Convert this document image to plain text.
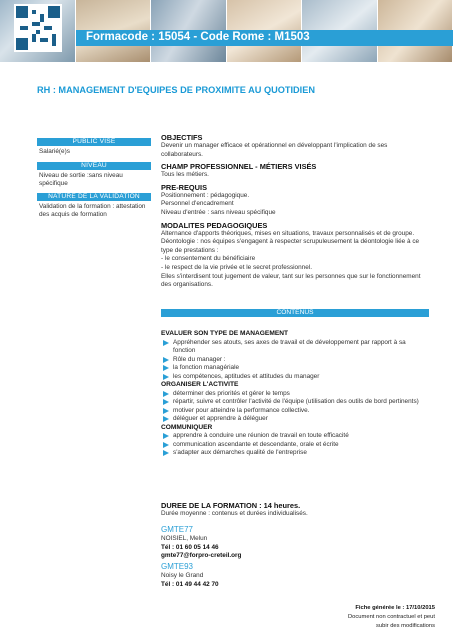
Formacode : 15054 - Code Rome : M1503
RH : MANAGEMENT D'EQUIPES DE PROXIMITE AU QUOTIDIEN
PUBLIC VISÉ
Salarié(e)s
NIVEAU
Niveau de sortie :sans niveau spécifique
NATURE DE LA VALIDATION
Validation de la formation : attestation des acquis de formation
OBJECTIFS
Devenir un manager efficace et opérationnel en développant l'implication de ses collaborateurs.
CHAMP PROFESSIONNEL - MÉTIERS VISÉS
Tous les métiers.
PRE-REQUIS
Positionnement : pédagogique.
Personnel d'encadrement
Niveau d'entrée : sans niveau spécifique
MODALITES PEDAGOGIQUES
Alternance d'apports théoriques, mises en situations, travaux personnalisés et de groupe.
Déontologie : nos équipes s'engagent à respecter scrupuleusement la déontologie liée à ce type de prestations :
- le consentement du bénéficiaire
- le respect de la vie privée et le secret professionnel.
Elles s'interdisent tout jugement de valeur, tant sur les personnes que sur le fonctionnement des organisations.
CONTENUS
EVALUER SON TYPE DE MANAGEMENT
Appréhender ses atouts, ses axes de travail et de développement par rapport à sa fonction
Rôle du manager :
la fonction managériale
les compétences, aptitudes et attitudes du manager
ORGANISER L'ACTIVITE
déterminer des priorités et gérer le temps
répartir, suivre et contrôler l'activité de l'équipe (utilisation des outils de bord pertinents)
motiver pour atteindre la performance collective.
déléguer et apprendre à déléguer
COMMUNIQUER
apprendre à conduire une réunion de travail en toute efficacité
communication ascendante et descendante, orale et écrite
s'adapter aux démarches qualité de l'entreprise
DUREE DE LA FORMATION : 14 heures.
Durée moyenne : contenus et durées individualisés.
GMTE77
NOISIEL, Melun
Tél : 01 60 05 14 46
gmte77@forpro-creteil.org
GMTE93
Noisy le Grand
Tél : 01 49 44 42 70
Fiche générée le : 17/10/2015
Document non contractuel et peut
subir des modifications
